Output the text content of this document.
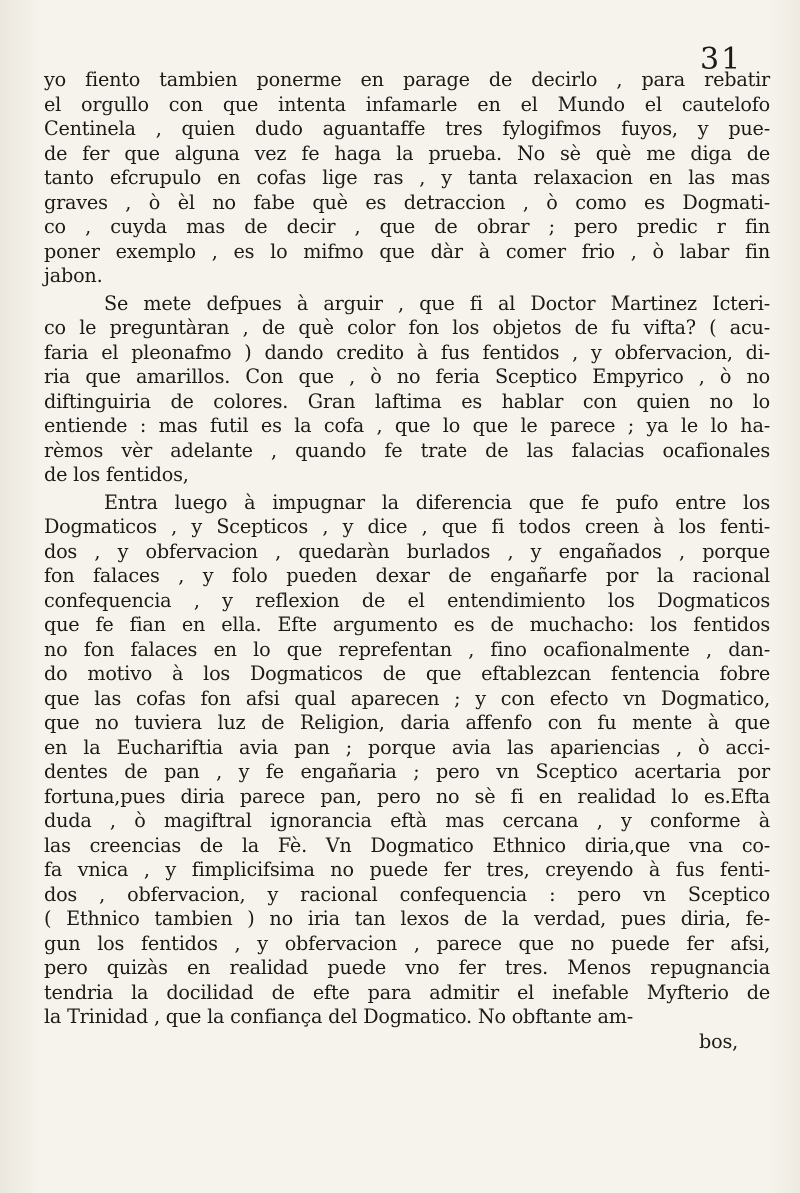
31
yo fiento tambien ponerme en parage de decirlo , para rebatir
el orgullo con que intenta infamarle en el Mundo el cautelofo
Centinela , quien dudo aguantaffe tres fylogifmos fuyos, y pue-
de fer que alguna vez fe haga la prueba. No sè què me diga de
tanto efcrupulo en cofas lige ras , y tanta relaxacion en las mas
graves , ò èl no fabe què es detraccion , ò como es Dogmati-
co , cuyda mas de decir , que de obrar ; pero predic r fin
poner exemplo , es lo mifmo que dàr à comer frio , ò labar fin
jabon.
Se mete defpues à arguir , que fi al Doctor Martinez Icteri-
co le preguntàran , de què color fon los objetos de fu vifta? ( acu-
faria el pleonafmo ) dando credito à fus fentidos , y obfervacion, di-
ria que amarillos. Con que , ò no feria Sceptico Empyrico , ò no
diftinguiria de colores. Gran laftima es hablar con quien no lo
entiende : mas futil es la cofa , que lo que le parece ; ya le lo ha-
rèmos vèr adelante , quando fe trate de las falacias ocafionales
de los fentidos,
Entra luego à impugnar la diferencia que fe pufo entre los
Dogmaticos , y Scepticos , y dice , que fi todos creen à los fenti-
dos , y obfervacion , quedaràn burlados , y engañados , porque
fon falaces , y folo pueden dexar de engañarfe por la racional
confequencia , y reflexion de el entendimiento los Dogmaticos
que fe fian en ella. Efte argumento es de muchacho: los fentidos
no fon falaces en lo que reprefentan , fino ocafionalmente , dan-
do motivo à los Dogmaticos de que eftablezcan fentencia fobre
que las cofas fon afsi qual aparecen ; y con efecto vn Dogmatico,
que no tuviera luz de Religion, daria affenfo con fu mente à que
en la Euchariftia avia pan ; porque avia las apariencias , ò acci-
dentes de pan , y fe engañaria ; pero vn Sceptico acertaria por
fortuna,pues diria parece pan, pero no sè fi en realidad lo es.Efta
duda , ò magiftral ignorancia eftà mas cercana , y conforme à
las creencias de la Fè. Vn Dogmatico Ethnico diria,que vna co-
fa vnica , y fimplicifsima no puede fer tres, creyendo à fus fenti-
dos , obfervacion, y racional confequencia : pero vn Sceptico
( Ethnico tambien ) no iria tan lexos de la verdad, pues diria, fe-
gun los fentidos , y obfervacion , parece que no puede fer afsi,
pero quizàs en realidad puede vno fer tres. Menos repugnancia
tendria la docilidad de efte para admitir el inefable Myfterio de
la Trinidad , que la confiança del Dogmatico. No obftante am-
bos,
